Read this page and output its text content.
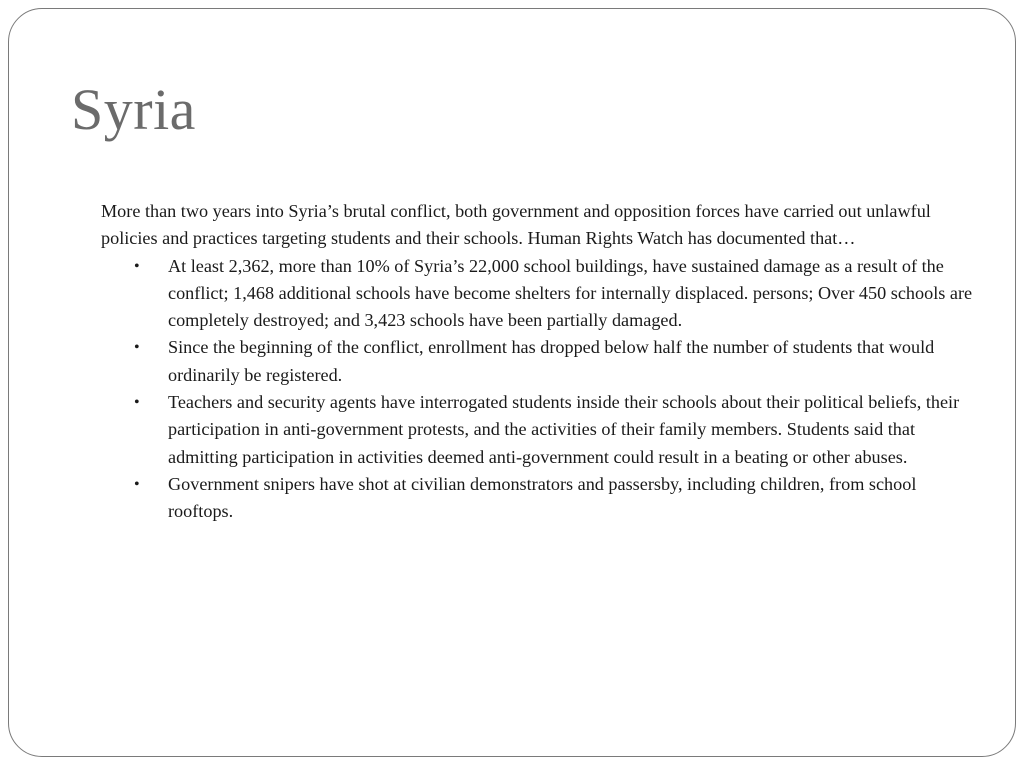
Syria

More than two years into Syria’s brutal conflict, both government and opposition forces have carried out unlawful policies and practices targeting students and their schools. Human Rights Watch has documented that…

• At least 2,362, more than 10% of Syria’s 22,000 school buildings, have sustained damage as a result of the conflict; 1,468 additional schools have become shelters for internally displaced. persons; Over 450 schools are completely destroyed; and 3,423 schools have been partially damaged.
• Since the beginning of the conflict, enrollment has dropped below half the number of students that would ordinarily be registered.
• Teachers and security agents have interrogated students inside their schools about their political beliefs, their participation in anti-government protests, and the activities of their family members. Students said that admitting participation in activities deemed anti-government could result in a beating or other abuses.
• Government snipers have shot at civilian demonstrators and passersby, including children, from school rooftops.
